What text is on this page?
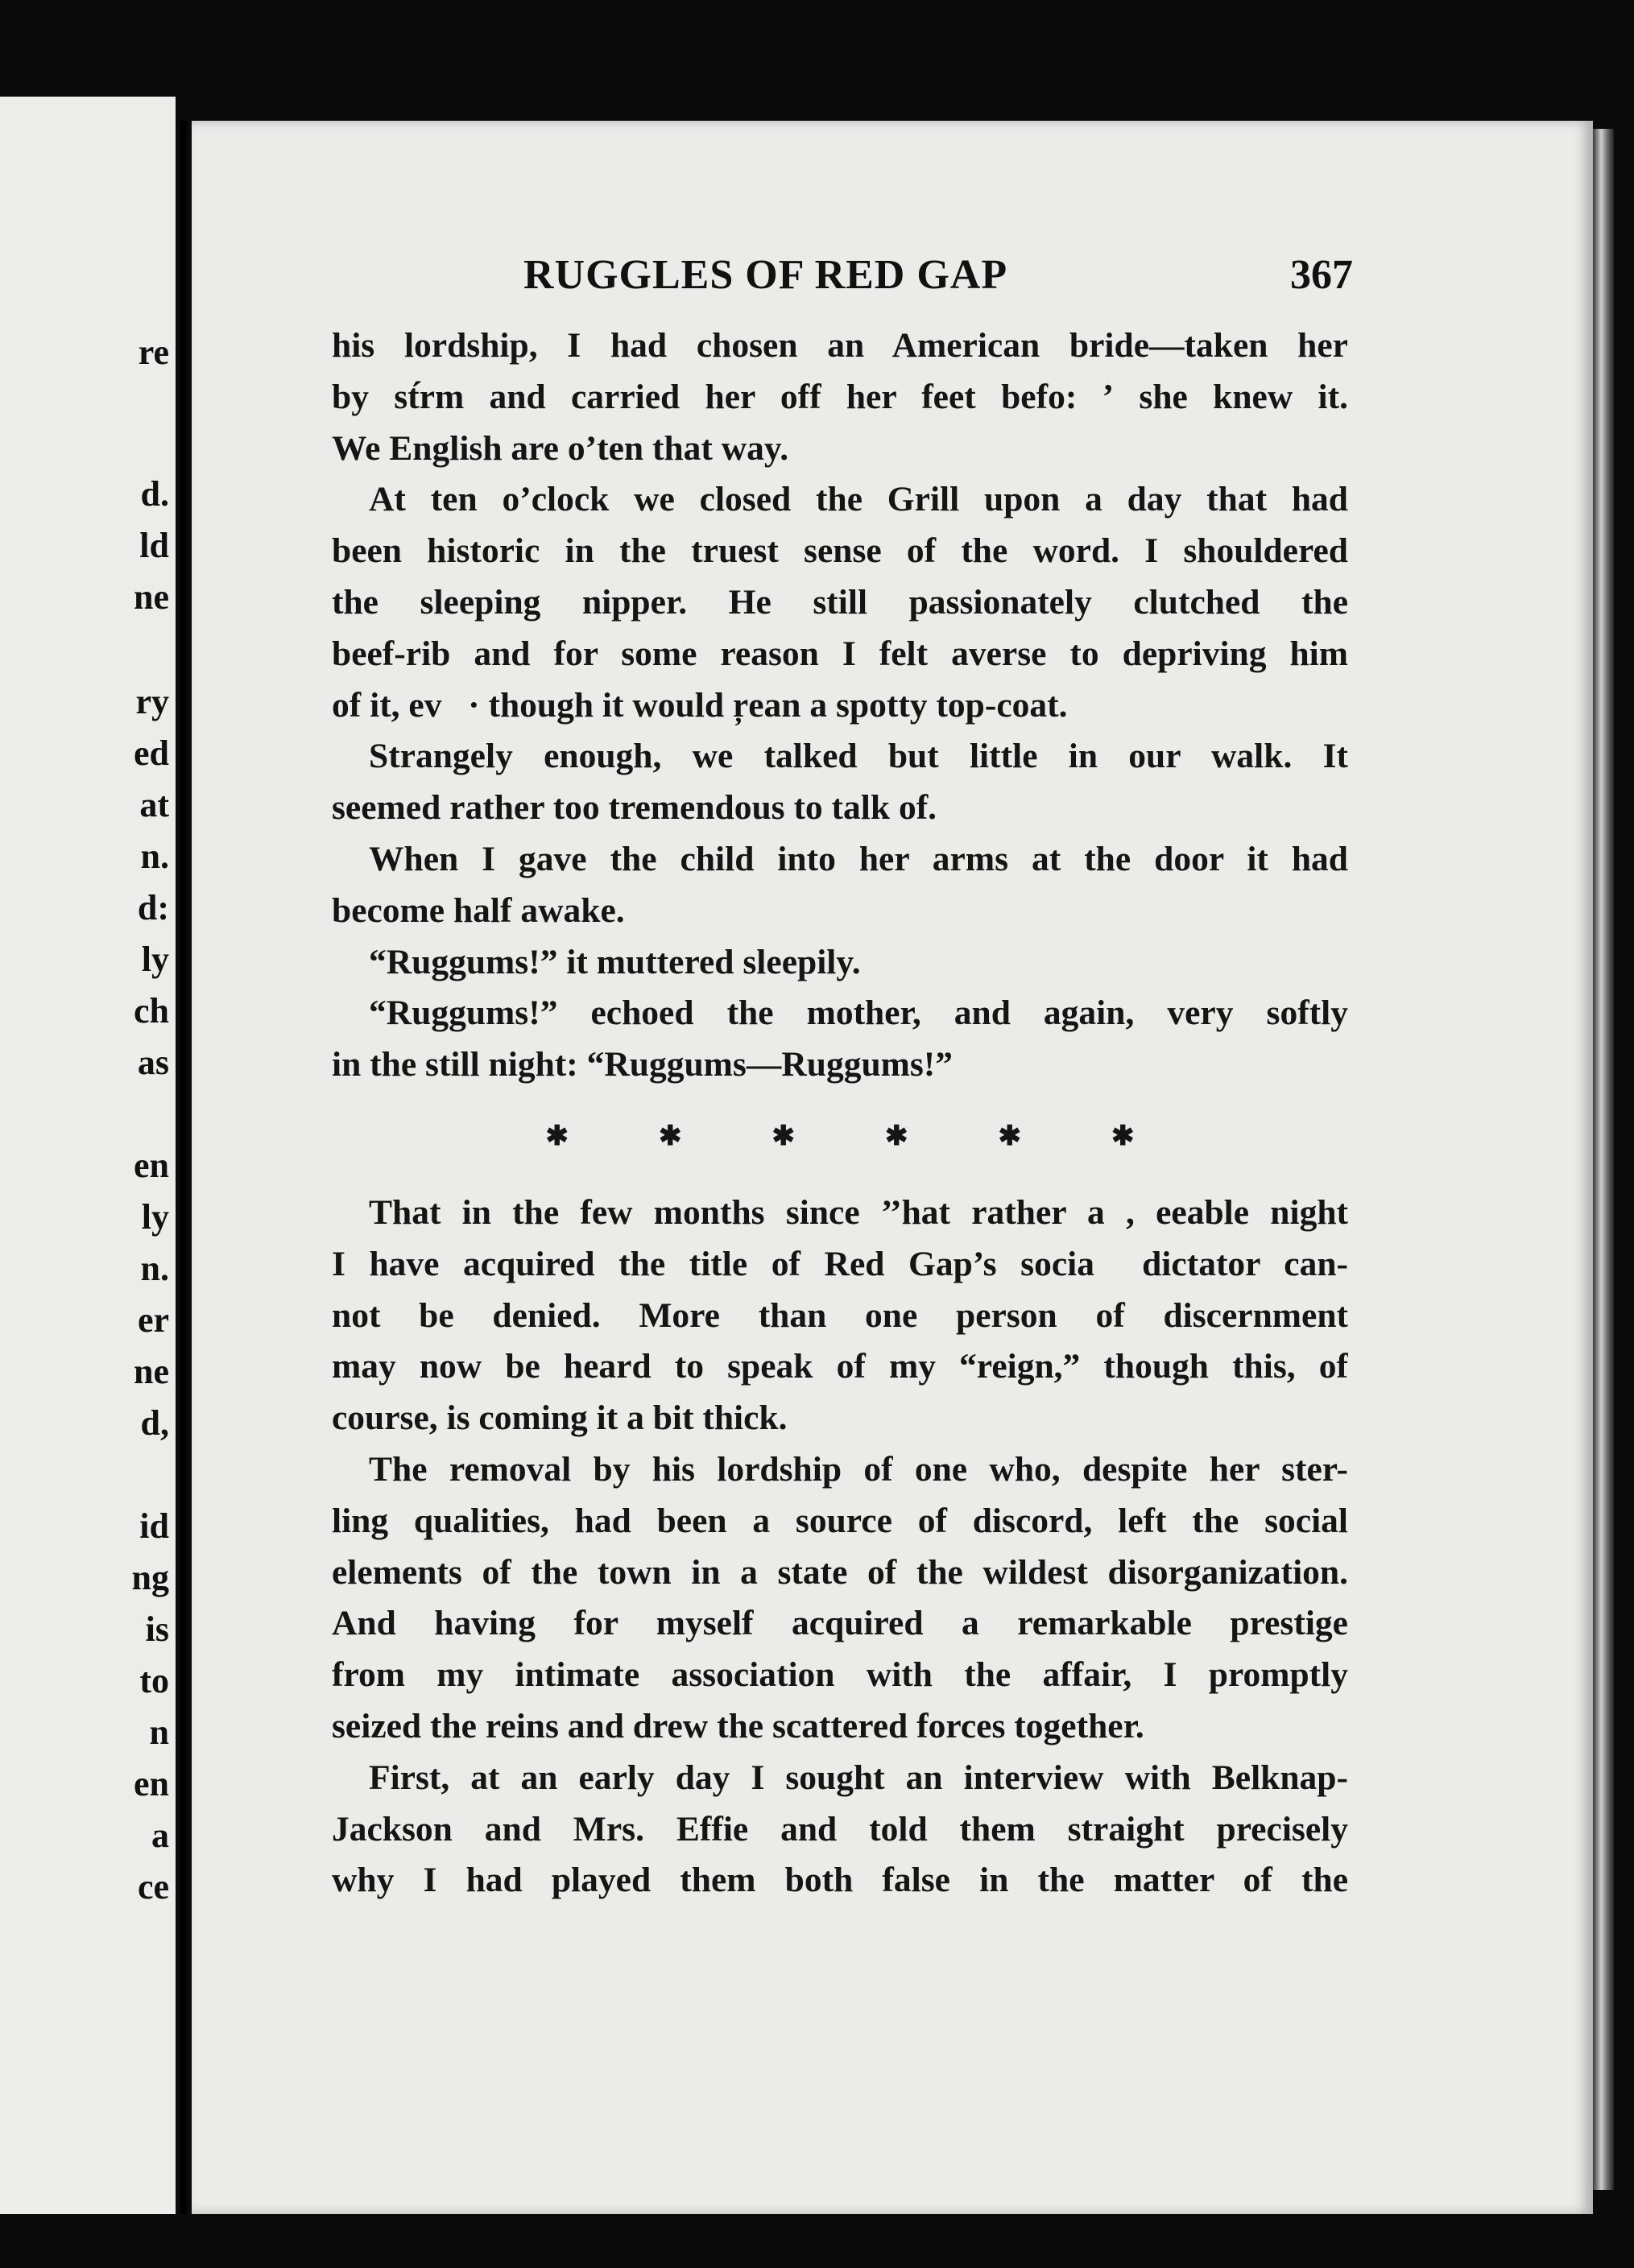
re
d.
ld
ne
ry
ed
at
n.
d:
ly
ch
as
en
ly
n.
er
ne
d,
id
ng
is
to
n
en
a
ce
RUGGLES OF RED GAP	367
his lordship, I had chosen an American bride—taken her
by st́rm and carried her off her feet befo: ʼ she knew it.
We English are o’ten that way.
At ten o’clock we closed the Grill upon a day that had
been historic in the truest sense of the word. I shouldered
the sleeping nipper. He still passionately clutched the
beef-rib and for some reason I felt averse to depriving him
of it, ev   · though it would ŗean a spotty top-coat.
Strangely enough, we talked but little in our walk. It
seemed rather too tremendous to talk of.
When I gave the child into her arms at the door it had
become half awake.
“Ruggums!” it muttered sleepily.
“Ruggums!” echoed the mother, and again, very softly
in the still night: “Ruggums—Ruggums!”
✱	✱	✱	✱	✱	✱
That in the few months since ’’hat rather a , eeable night
I have acquired the title of Red Gap’s socia  dictator can-
not be denied. More than one person of discernment
may now be heard to speak of my “reign,” though this, of
course, is coming it a bit thick.
The removal by his lordship of one who, despite her ster-
ling qualities, had been a source of discord, left the social
elements of the town in a state of the wildest disorganization.
And having for myself acquired a remarkable prestige
from my intimate association with the affair, I promptly
seized the reins and drew the scattered forces together.
First, at an early day I sought an interview with Belknap-
Jackson and Mrs. Effie and told them straight precisely
why I had played them both false in the matter of the
